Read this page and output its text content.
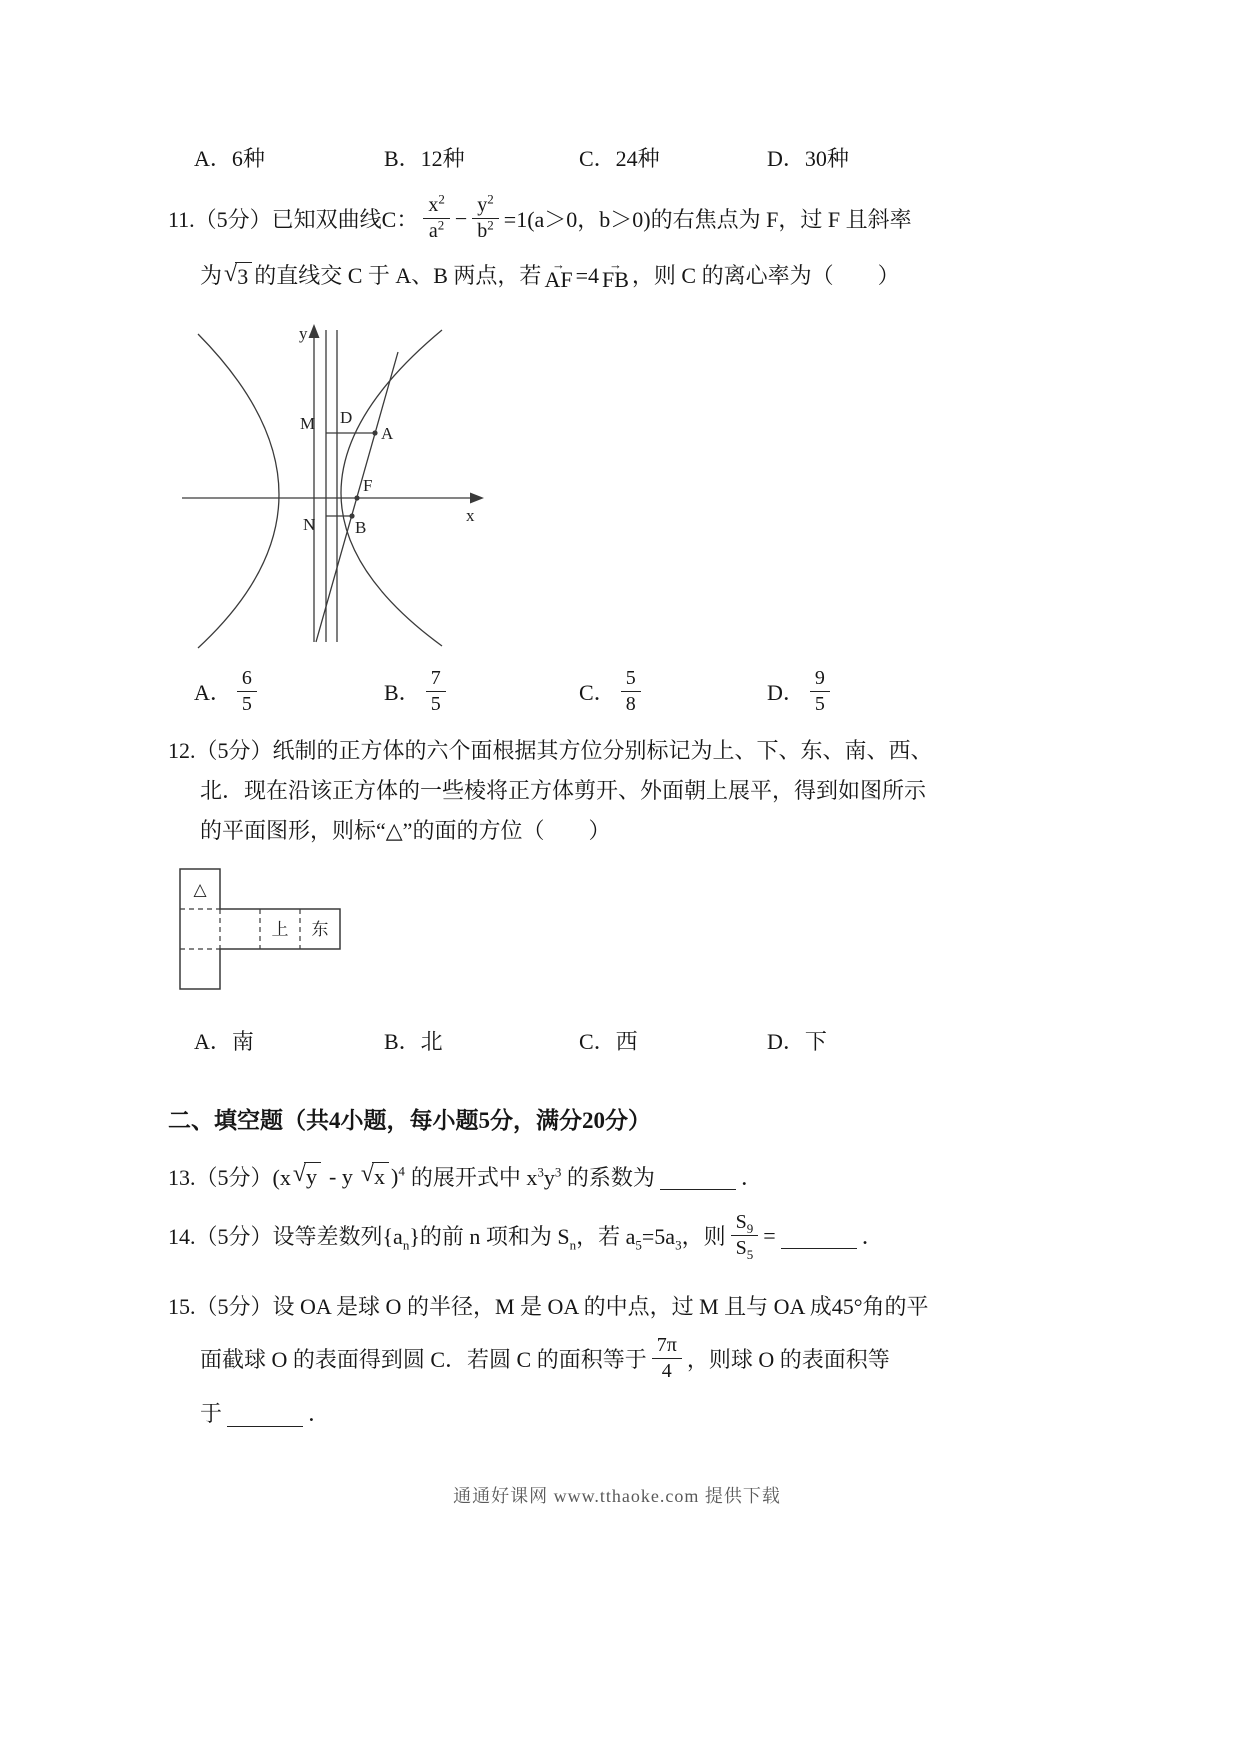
A．6种	B．12种	C．24种	D．30种
11.（5分）已知双曲线C： $\frac{x^2}{a^2} - \frac{y^2}{b^2} =1(a>0$，b＞0)的右焦点为 F，过 F 且斜率
为 √ 3 的直线交 C 于 A、B 两点，若 →
AF =4 →
FB ，则 C 的离心率为（　　）
y
x
M D
A
F
N B
A． $\frac{6}{5}$	B． $\frac{7}{5}$	C． $\frac{5}{8}$	D． $\frac{9}{5}$
12.（5分）纸制的正方体的六个面根据其方位分别标记为上、下、东、南、西、
北．现在沿该正方体的一些棱将正方体剪开、外面朝上展平，得到如图所示
的平面图形，则标“△”的面的方位（　　）
△
上 东
A．南	B．北	C．西	D．下
二、填空题（共4小题，每小题5分，满分20分）
13.（5分）(x √ y - y √ x )$^4$ 的展开式中 $x^3y^3$ 的系数为	．
14.（5分）设等差数列$\{a_n\}$的前 n 项和为 $S_n$，若 $a_5=5a_3$，则 $\frac{S_9}{S_5}$ =	．
15.（5分）设 OA 是球 O 的半径，M 是 OA 的中点，过 M 且与 OA 成45°角的平
面截球 O 的表面得到圆 C．若圆 C 的面积等于 $\frac{7\pi}{4}$ ，则球 O 的表面积等
于	．
通通好课网 www.tthaoke.com 提供下载
